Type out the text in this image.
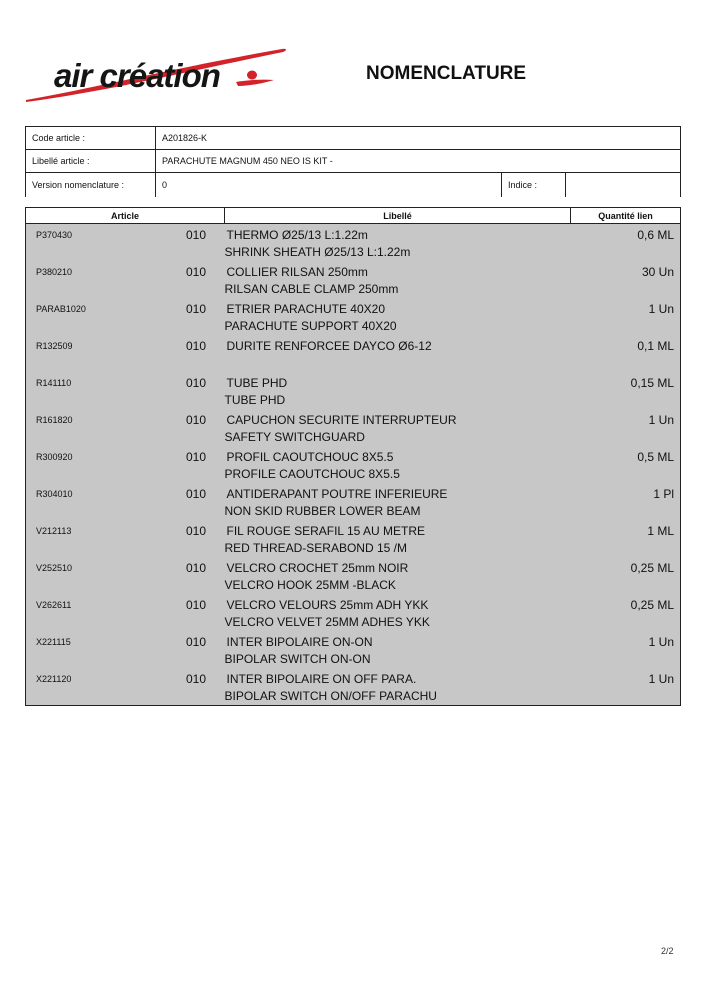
air création	NOMENCLATURE
Code article :	A201826-K		
Libellé article :	PARACHUTE MAGNUM 450 NEO IS KIT -		
Version nomenclature :	0	Indice :	
Article	Libellé	Quantité lien

P370430 010	THERMO Ø25/13 L:1.22m
SHRINK SHEATH Ø25/13 L:1.22m	0,6 ML

P380210 010	COLLIER RILSAN 250mm
RILSAN CABLE CLAMP 250mm	30 Un

PARAB1020 010	ETRIER PARACHUTE 40X20
PARACHUTE SUPPORT 40X20	1 Un

R132509 010	DURITE RENFORCEE DAYCO Ø6-12	0,1 ML

R141110 010	TUBE PHD
TUBE PHD	0,15 ML

R161820 010	CAPUCHON SECURITE INTERRUPTEUR
SAFETY SWITCHGUARD	1 Un

R300920 010	PROFIL CAOUTCHOUC 8X5.5
PROFILE CAOUTCHOUC 8X5.5	0,5 ML

R304010 010	ANTIDERAPANT POUTRE INFERIEURE
NON SKID RUBBER LOWER BEAM	1 Pl

V212113 010	FIL ROUGE SERAFIL 15 AU METRE
RED THREAD-SERABOND 15 /M	1 ML

V252510 010	VELCRO CROCHET 25mm NOIR
VELCRO HOOK 25MM -BLACK	0,25 ML

V262611 010	VELCRO VELOURS 25mm ADH YKK
VELCRO VELVET 25MM ADHES YKK	0,25 ML

X221115 010	INTER BIPOLAIRE ON-ON
BIPOLAR SWITCH ON-ON	1 Un

X221120 010	INTER BIPOLAIRE ON OFF PARA.
BIPOLAR SWITCH ON/OFF PARACHU	1 Un
2/2
